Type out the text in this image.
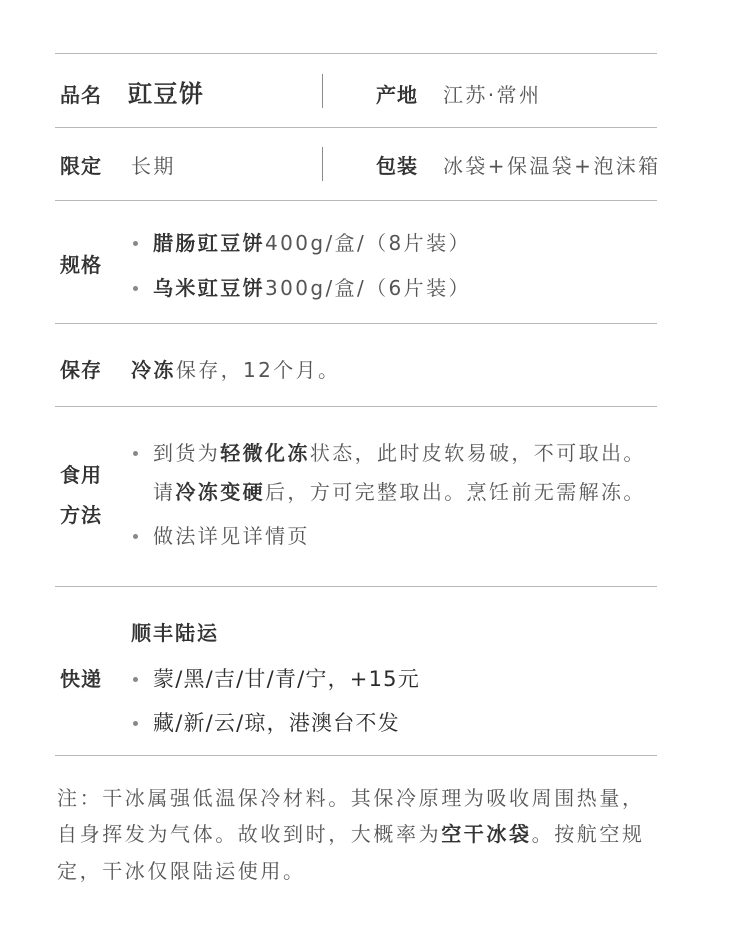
品名 豇豆饼	产地 江苏·常州
限定 长期	包装 冰袋+保温袋+泡沫箱
规格
腊肠豇豆饼 400g/盒/（8片装）
乌米豇豆饼 300g/盒/（6片装）
保存 冷冻保存，12个月。
食用
方法
到货为 轻微化冻 状态，此时皮软易破，不可取出。
请冷冻变硬后，方可完整取出。烹饪前无需解冻。
做法详见详情页
顺丰陆运
快递 蒙/黑/吉/甘/青/宁，+15元
藏/新/云/琼，港澳台不发
注：干冰属强低温保冷材料。其保冷原理为吸收周围热量，
自身挥发为气体。故收到时，大概率为空干冰袋。按航空规
定，干冰仅限陆运使用。
